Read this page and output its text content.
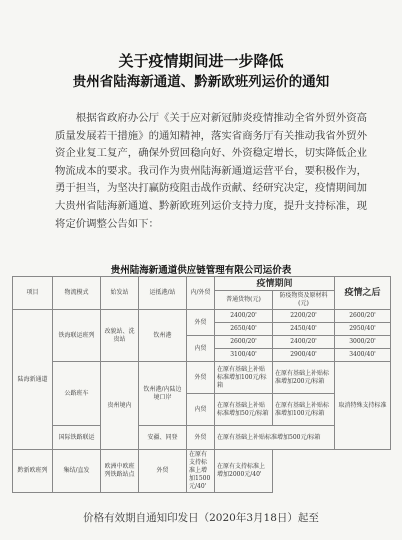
关于疫情期间进一步降低
贵州省陆海新通道、黔新欧班列运价的通知
根据省政府办公厅《关于应对新冠肺炎疫情推动全省外贸外资高质量发展若干措施》的通知精神，落实省商务厅有关推动我省外贸外资企业复工复产，确保外贸回稳向好、外资稳定增长，切实降低企业物流成本的要求。我司作为贵州陆海新通道运营平台，要积极作为，勇于担当，为坚决打赢防疫阻击战作贡献、经研究决定，疫情期间加大贵州省陆海新通道、黔新欧班列运价支持力度，提升支持标准，现将定价调整公告如下：
贵州陆海新通道供应链管理有限公司运价表
项目	物流模式	始发站	运抵港/站	内/外贸	疫情期间		疫情之后
					普通货物(元)	防疫物资及原材料(元)	
陆海新通道	铁海联运班列	改貌站、洗贵站	钦州港	外贸	2400/20'	2200/20'	2600/20'
					2650/40'	2450/40'	2950/40'
				内贸	2600/20'	2400/20'	3000/20'
					3100/40'	2900/40'	3400/40'
	公路班车	贵州境内	钦州港/内陆边境口岸	外贸	在原有基础上补贴标准增加100元/标箱	在原有基础上补贴标准增加200元/标箱	取消特殊支持标准
				内贸	在原有基础上补贴标准增加50元/标箱	在原有基础上补贴标准增加100元/标箱	
	国际铁路联运		安疆、同登	外贸	在原有基础上补贴标准增加500元/标箱		

黔新欧班列	集结/直发	欧洲中欧班列铁路站点	外贸	在原有支持标准上增加1500元/40'	在原有支持标准上增加2000元/40'		
价格有效期自通知印发日（2020年3月18日）起至
